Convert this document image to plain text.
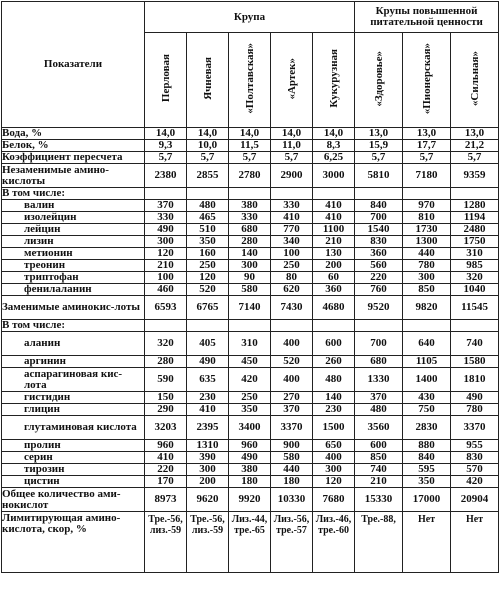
Показатели	Крупа					Крупы повышенной питательной ценности		
	Перловая	Ячневая	«Полтавская»	«Артек»	Кукурузная	«Здоровье»	«Пионерская»	«Сильная»
Вода, %	14,0	14,0	14,0	14,0	14,0	13,0	13,0	13,0
Белок, %	9,3	10,0	11,5	11,0	8,3	15,9	17,7	21,2
Коэффициент пересчета	5,7	5,7	5,7	5,7	6,25	5,7	5,7	5,7
Незаменимые амино-кислоты	2380	2855	2780	2900	3000	5810	7180	9359
В том числе:								
валин	370	480	380	330	410	840	970	1280
изолейцин	330	465	330	410	410	700	810	1194
лейцин	490	510	680	770	1100	1540	1730	2480
лизин	300	350	280	340	210	830	1300	1750
метионин	120	160	140	100	130	360	440	310
треонин	210	250	300	250	200	560	780	985
триптофан	100	120	90	80	60	220	300	320
фенилаланин	460	520	580	620	360	760	850	1040
Заменимые аминокис-лоты	6593	6765	7140	7430	4680	9520	9820	11545
В том числе:								
аланин	320	405	310	400	600	700	640	740
аргинин	280	490	450	520	260	680	1105	1580
аспарагиновая кис-лота	590	635	420	400	480	1330	1400	1810
гистидин	150	230	250	270	140	370	430	490
глицин	290	410	350	370	230	480	750	780
глутаминовая кислота	3203	2395	3400	3370	1500	3560	2830	3370
пролин	960	1310	960	900	650	600	880	955
серин	410	390	490	580	400	850	840	830
тирозин	220	300	380	440	300	740	595	570
цистин	170	200	180	180	120	210	350	420
Общее количество ами-нокислот	8973	9620	9920	10330	7680	15330	17000	20904
Лимитирующая амино-кислота, скор, %	Тре.-56, лиз.-59	Тре.-56, лиз.-59	Лиз.-44, тре.-65	Лиз.-56, тре.-57	Лиз.-46, тре.-60	Тре.-88,	Нет	Нет
